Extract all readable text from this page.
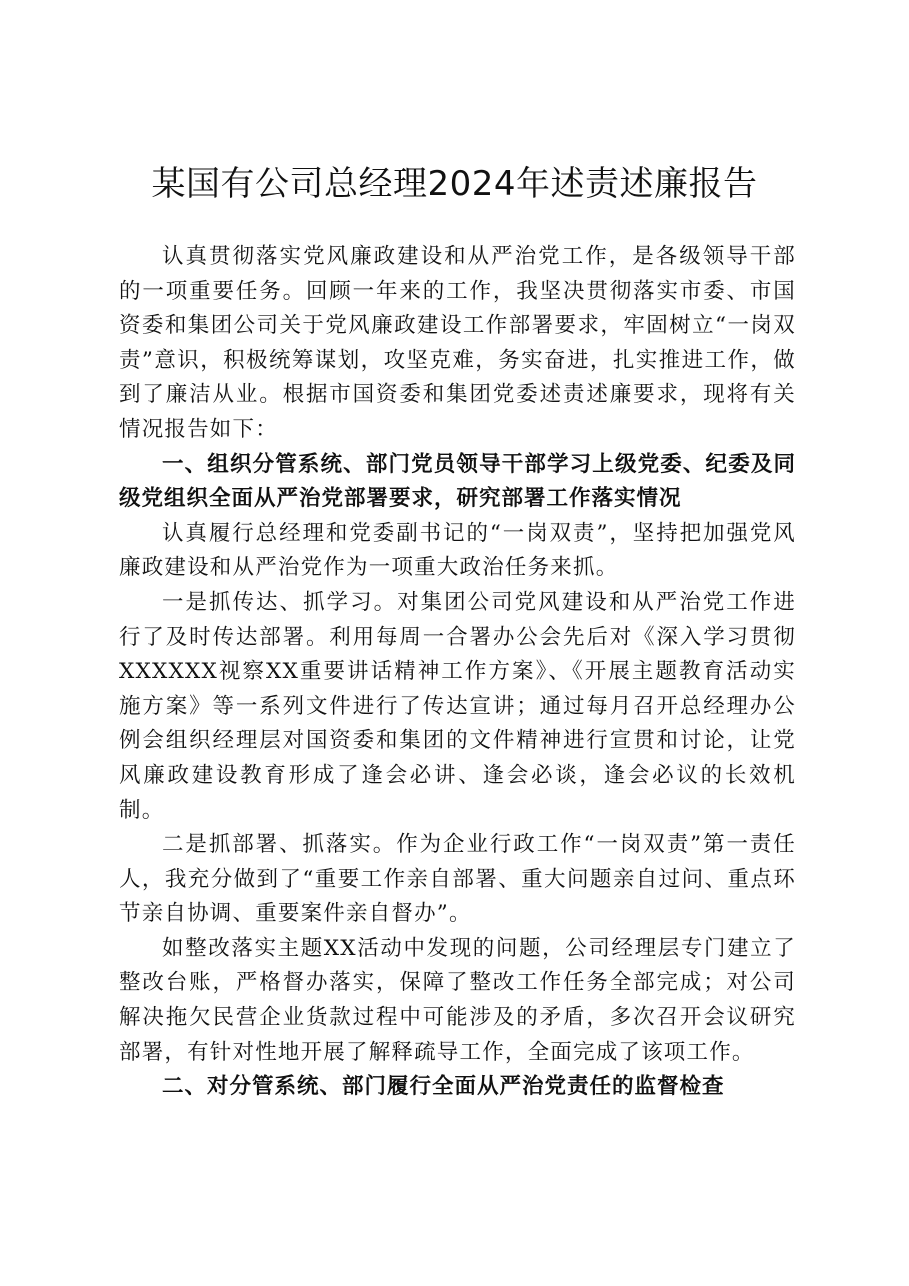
某国有公司总经理2024年述责述廉报告

认真贯彻落实党风廉政建设和从严治党工作，是各级领导干部的一项重要任务。回顾一年来的工作，我坚决贯彻落实市委、市国资委和集团公司关于党风廉政建设工作部署要求，牢固树立“一岗双责”意识，积极统筹谋划，攻坚克难，务实奋进，扎实推进工作，做到了廉洁从业。根据市国资委和集团党委述责述廉要求，现将有关情况报告如下：

一、组织分管系统、部门党员领导干部学习上级党委、纪委及同级党组织全面从严治党部署要求，研究部署工作落实情况

认真履行总经理和党委副书记的“一岗双责”，坚持把加强党风廉政建设和从严治党作为一项重大政治任务来抓。

一是抓传达、抓学习。对集团公司党风建设和从严治党工作进行了及时传达部署。利用每周一合署办公会先后对《深入学习贯彻XXXXXX视察XX重要讲话精神工作方案》、《开展主题教育活动实施方案》等一系列文件进行了传达宣讲；通过每月召开总经理办公例会组织经理层对国资委和集团的文件精神进行宣贯和讨论，让党风廉政建设教育形成了逢会必讲、逢会必谈，逢会必议的长效机制。

二是抓部署、抓落实。作为企业行政工作“一岗双责”第一责任人，我充分做到了“重要工作亲自部署、重大问题亲自过问、重点环节亲自协调、重要案件亲自督办”。

如整改落实主题XX活动中发现的问题，公司经理层专门建立了整改台账，严格督办落实，保障了整改工作任务全部完成；对公司解决拖欠民营企业货款过程中可能涉及的矛盾，多次召开会议研究部署，有针对性地开展了解释疏导工作，全面完成了该项工作。

二、对分管系统、部门履行全面从严治党责任的监督检查
